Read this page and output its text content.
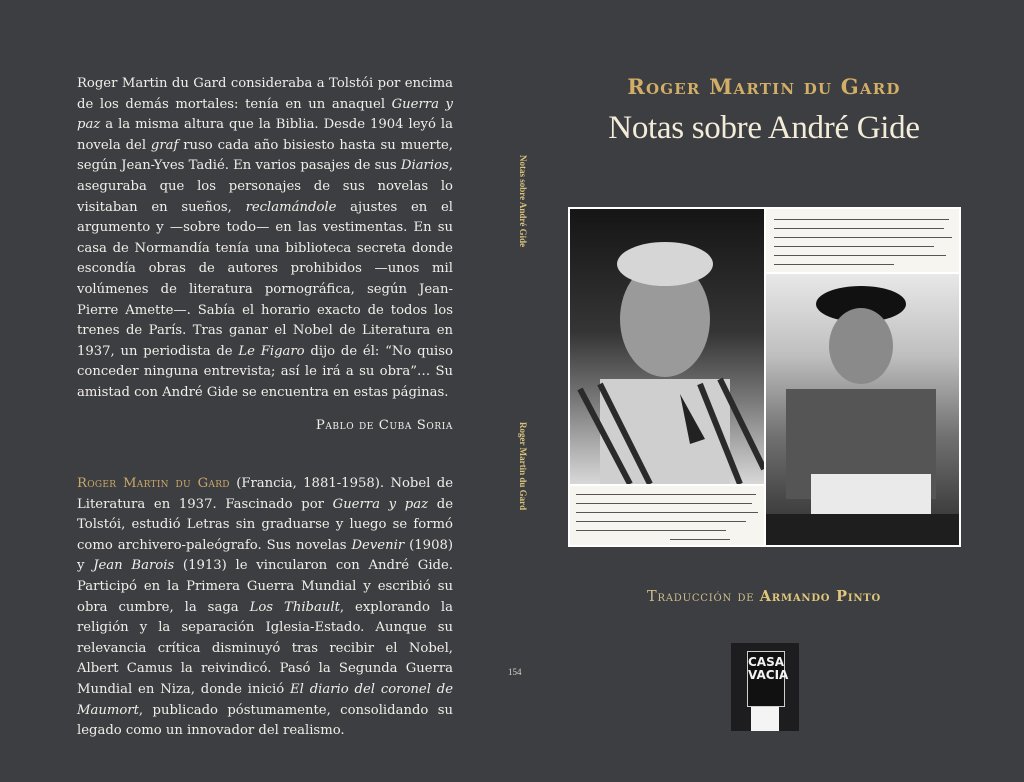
Roger Martin du Gard consideraba a Tolstói por encima de los demás mortales: tenía en un anaquel Guerra y paz a la misma altura que la Biblia. Desde 1904 leyó la novela del graf ruso cada año bisiesto hasta su muerte, según Jean-Yves Tadié. En varios pasajes de sus Diarios, aseguraba que los personajes de sus novelas lo visitaban en sueños, reclamándole ajustes en el argumento y —sobre todo— en las vestimentas. En su casa de Normandía tenía una biblioteca secreta donde escondía obras de autores prohibidos —unos mil volúmenes de literatura pornográfica, según Jean-Pierre Amette—. Sabía el horario exacto de todos los trenes de París. Tras ganar el Nobel de Literatura en 1937, un periodista de Le Figaro dijo de él: “No quiso conceder ninguna entrevista; así le irá a su obra”… Su amistad con André Gide se encuentra en estas páginas.

Pablo de Cuba Soria

Roger Martin du Gard (Francia, 1881-1958). Nobel de Literatura en 1937. Fascinado por Guerra y paz de Tolstói, estudió Letras sin graduarse y luego se formó como archivero-paleógrafo. Sus novelas Devenir (1908) y Jean Barois (1913) le vincularon con André Gide. Participó en la Primera Guerra Mundial y escribió su obra cumbre, la saga Los Thibault, explorando la religión y la separación Iglesia-Estado. Aunque su relevancia crítica disminuyó tras recibir el Nobel, Albert Camus la reivindicó. Pasó la Segunda Guerra Mundial en Niza, donde inició El diario del coronel de Maumort, publicado póstumamente, consolidando su legado como un innovador del realismo.

Notas sobre André Gide
Roger Martin du Gard
154
Roger Martin du Gard
Notas sobre André Gide
Traducción de Armando Pinto
CASA
VACIA
